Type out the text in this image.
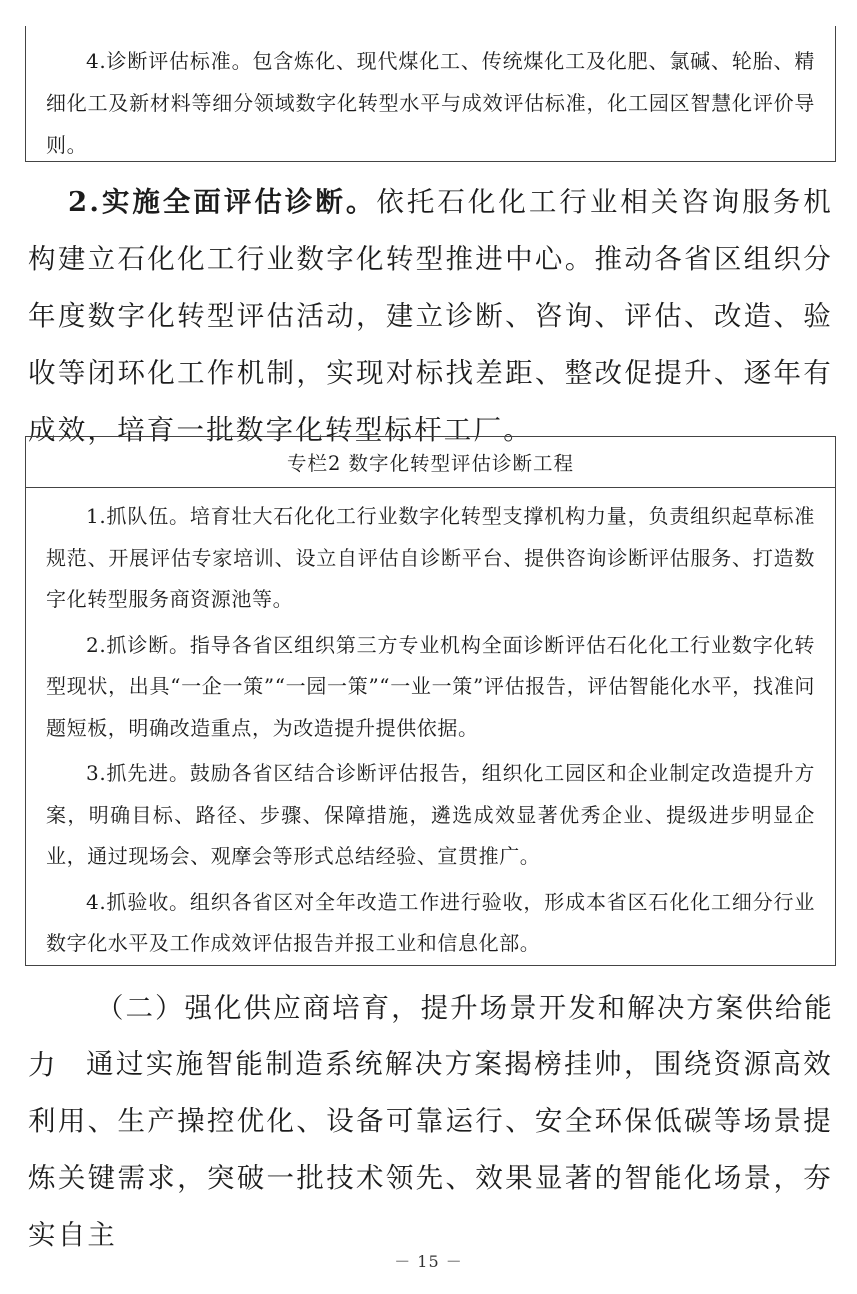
4.诊断评估标准。包含炼化、现代煤化工、传统煤化工及化肥、氯碱、轮胎、精细化工及新材料等细分领域数字化转型水平与成效评估标准，化工园区智慧化评价导则。

2.实施全面评估诊断。依托石化化工行业相关咨询服务机构建立石化化工行业数字化转型推进中心。推动各省区组织分年度数字化转型评估活动，建立诊断、咨询、评估、改造、验收等闭环化工作机制，实现对标找差距、整改促提升、逐年有成效，培育一批数字化转型标杆工厂。

专栏2 数字化转型评估诊断工程

1.抓队伍。培育壮大石化化工行业数字化转型支撑机构力量，负责组织起草标准规范、开展评估专家培训、设立自评估自诊断平台、提供咨询诊断评估服务、打造数字化转型服务商资源池等。

2.抓诊断。指导各省区组织第三方专业机构全面诊断评估石化化工行业数字化转型现状，出具“一企一策”“一园一策”“一业一策”评估报告，评估智能化水平，找准问题短板，明确改造重点，为改造提升提供依据。

3.抓先进。鼓励各省区结合诊断评估报告，组织化工园区和企业制定改造提升方案，明确目标、路径、步骤、保障措施，遴选成效显著优秀企业、提级进步明显企业，通过现场会、观摩会等形式总结经验、宣贯推广。

4.抓验收。组织各省区对全年改造工作进行验收，形成本省区石化化工细分行业数字化水平及工作成效评估报告并报工业和信息化部。

（二）强化供应商培育，提升场景开发和解决方案供给能力	通过实施智能制造系统解决方案揭榜挂帅，围绕资源高效利用、生产操控优化、设备可靠运行、安全环保低碳等场景提炼关键需求，突破一批技术领先、效果显著的智能化场景，夯实自主

－ 15 －
